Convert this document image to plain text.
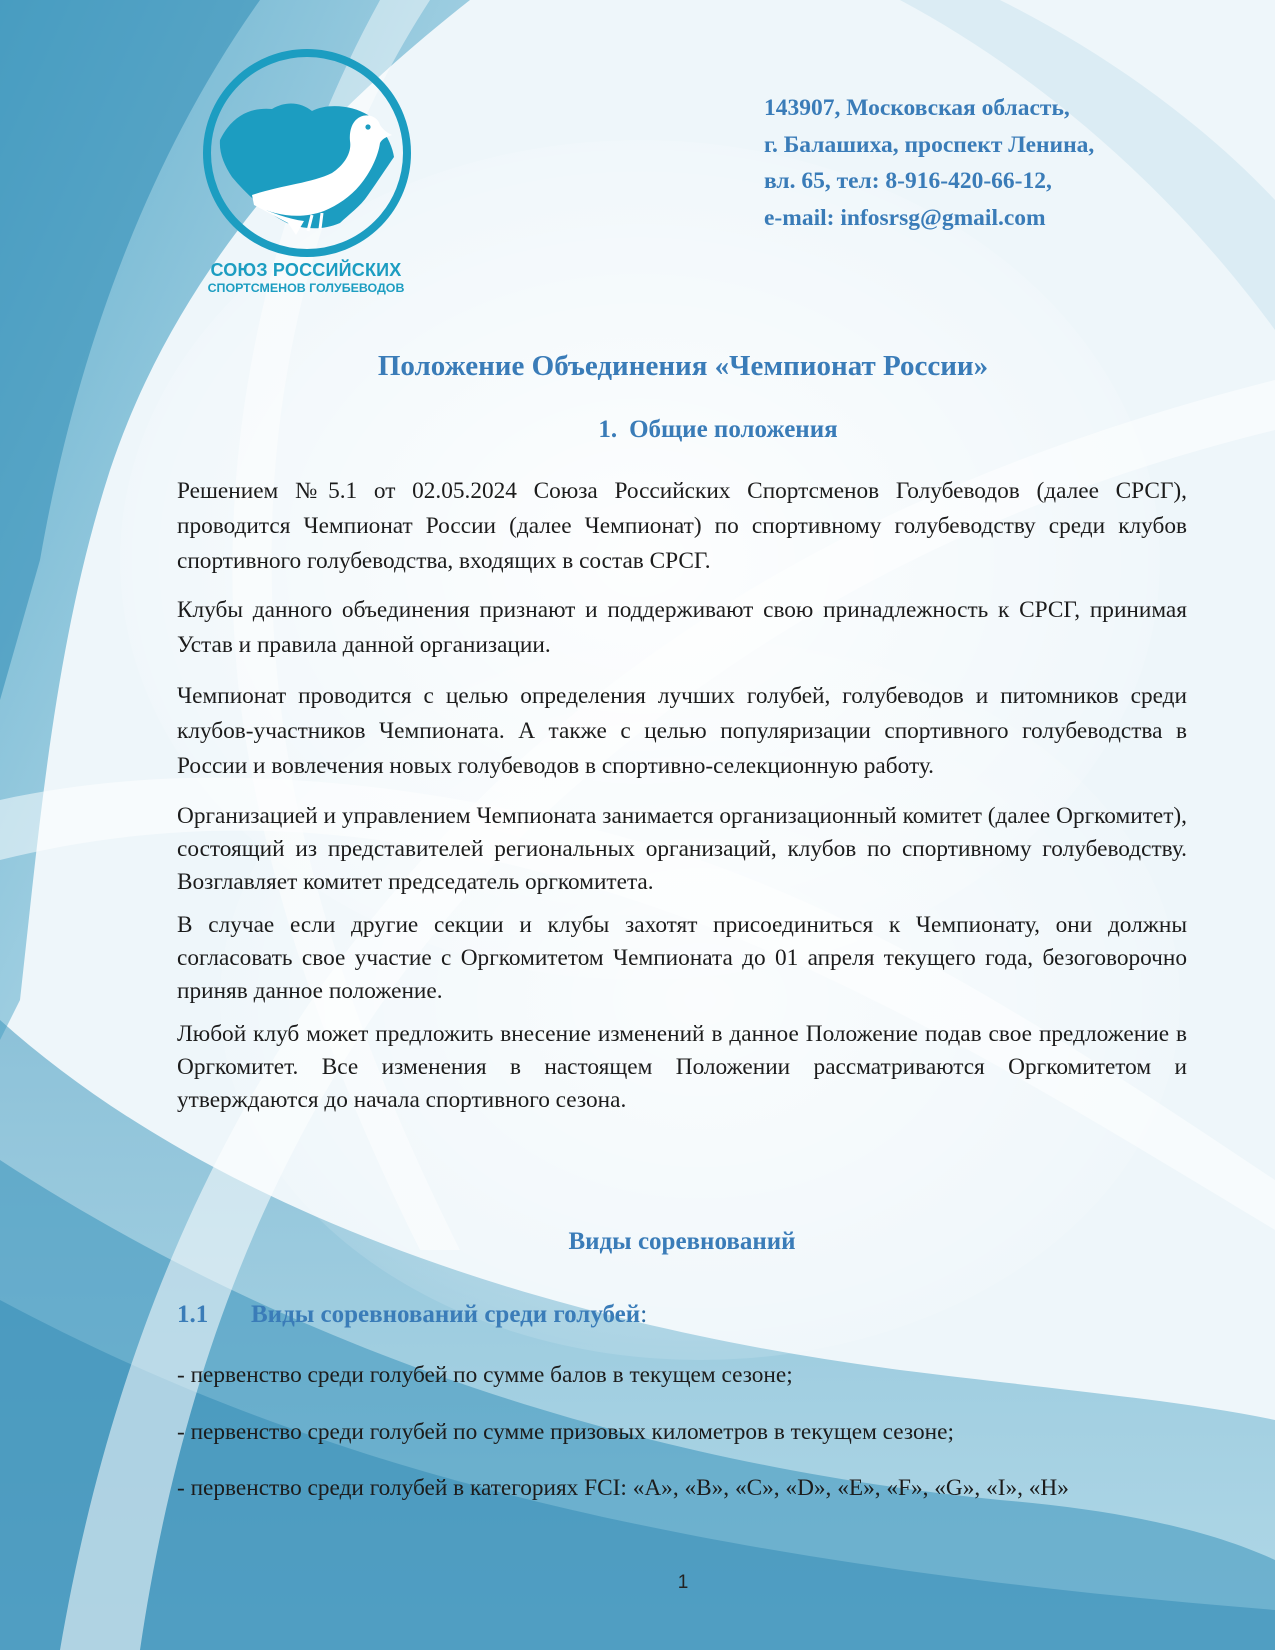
СОЮЗ РОССИЙСКИХ
СПОРТСМЕНОВ ГОЛУБЕВОДОВ
143907, Московская область,
г. Балашиха, проспект Ленина,
вл. 65, тел: 8-916-420-66-12,
e-mail: infosrsg@gmail.com
Положение Объединения «Чемпионат России»
1. Общие положения

Решением №5.1 от 02.05.2024 Союза Российских Спортсменов Голубеводов (далее СРСГ), проводится Чемпионат России (далее Чемпионат) по спортивному голубеводству среди клубов спортивного голубеводства, входящих в состав СРСГ.

Клубы данного объединения признают и поддерживают свою принадлежность к СРСГ, принимая Устав и правила данной организации.

Чемпионат проводится с целью определения лучших голубей, голубеводов и питомников среди клубов-участников Чемпионата. А также с целью популяризации спортивного голубеводства в России и вовлечения новых голубеводов в спортивно-селекционную работу.

Организацией и управлением Чемпионата занимается организационный комитет (далее Оргкомитет), состоящий из представителей региональных организаций, клубов по спортивному голубеводству. Возглавляет комитет председатель оргкомитета.

В случае если другие секции и клубы захотят присоединиться к Чемпионату, они должны согласовать свое участие с Оргкомитетом Чемпионата до 01 апреля текущего года, безоговорочно приняв данное положение.

Любой клуб может предложить внесение изменений в данное Положение подав свое предложение в Оргкомитет. Все изменения в настоящем Положении рассматриваются Оргкомитетом и утверждаются до начала спортивного сезона.

Виды соревнований
1.1 Виды соревнований среди голубей:

- первенство среди голубей по сумме балов в текущем сезоне;

- первенство среди голубей по сумме призовых километров в текущем сезоне;

- первенство среди голубей в категориях FCI: «А», «В», «С», «D», «Е», «F», «G», «I», «H»

1
